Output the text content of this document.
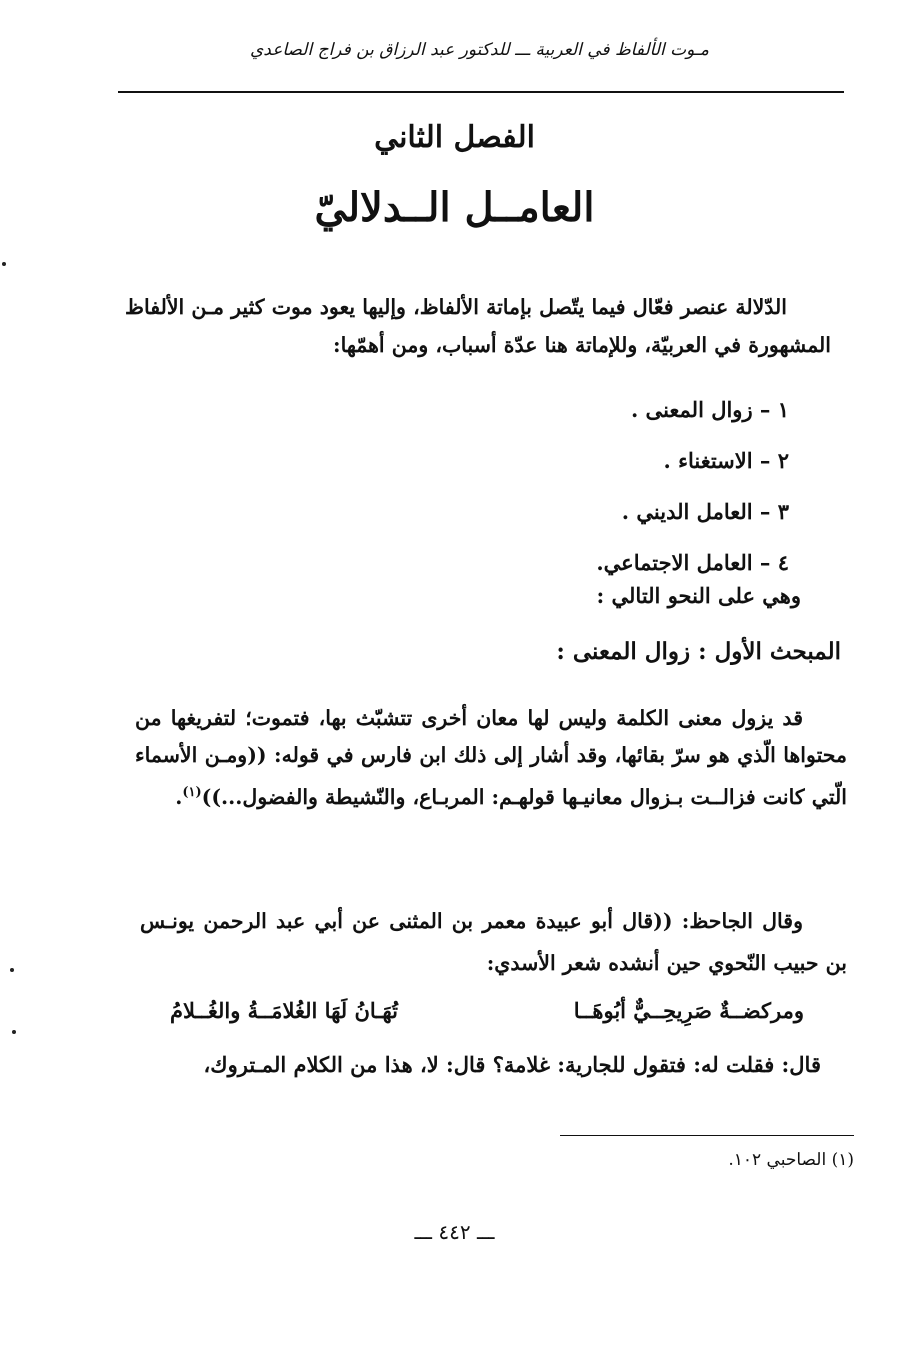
مـوت الألفاظ في العربية ـــ للدكتور عبد الرزاق بن فراج الصاعدي
الفصل الثاني
العامــل الــدلاليّ
الدّلالة عنصر فعّال فيما يتّصل بإماتة الألفاظ، وإليها يعود موت كثير مـن الألفاظ المشهورة في العربيّة، وللإماتة هنا عدّة أسباب، ومن أهمّها:
١ – زوال المعنى .
٢ – الاستغناء .
٣ – العامل الديني .
٤ – العامل الاجتماعي.
وهي على النحو التالي :
المبحث الأول : زوال المعنى :
قد يزول معنى الكلمة وليس لها معان أخرى تتشبّث بها، فتموت؛ لتفريغها من محتواها الّذي هو سرّ بقائها، وقد أشار إلى ذلك ابن فارس في قوله: ((ومـن الأسماء الّتي كانت فزالــت بـزوال معانيـها قولهـم: المربـاع، والنّشيطة والفضول...))$^{(١)}$.
وقال الجاحظ: ((قال أبو عبيدة معمر بن المثنى عن أبي عبد الرحمن يونـس بن حبيب النّحوي حين أنشده شعر الأسدي:
ومركضــةٌ صَرِيحِــيٌّ أبُوهَــا
تُهَـانُ لَهَا الغُلامَــةُ والغُــلامُ
قال: فقلت له: فتقول للجارية: غلامة؟ قال: لا، هذا من الكلام المـتروك،
(١) الصاحبي ١٠٢.
ـــ ٤٤٢ ـــ
